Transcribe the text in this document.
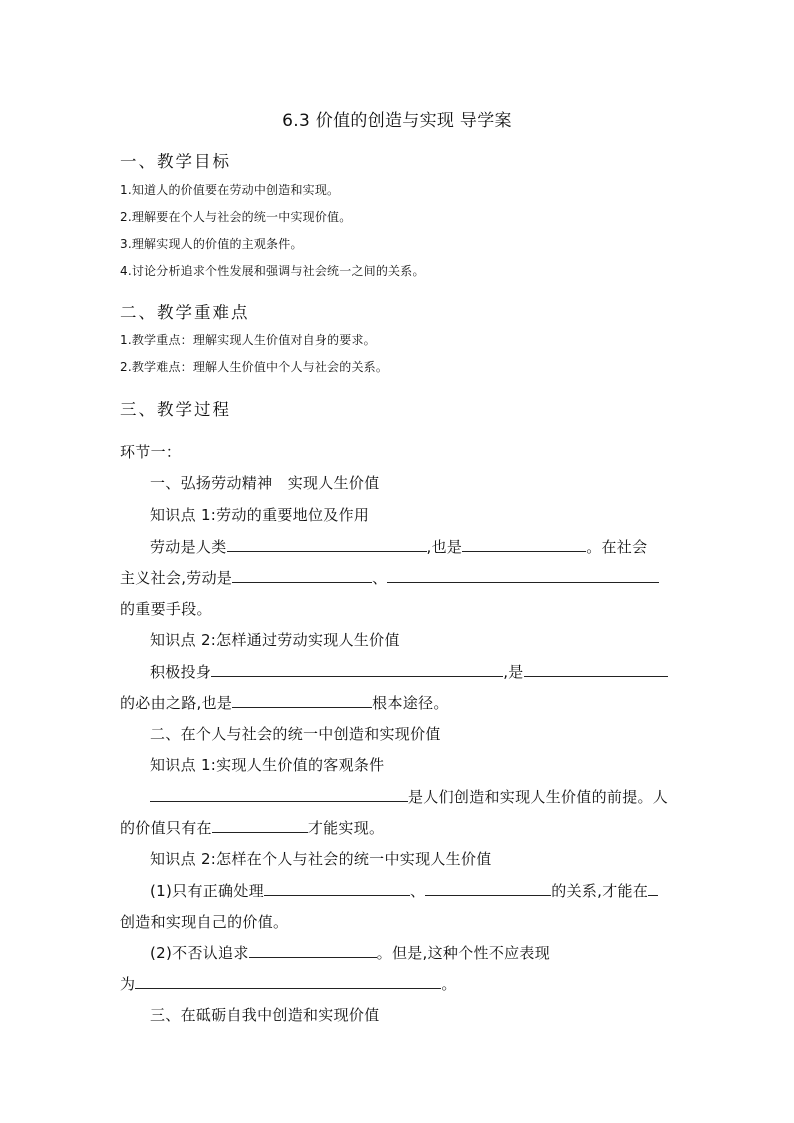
6.3 价值的创造与实现 导学案
一、教学目标
1.知道人的价值要在劳动中创造和实现。
2.理解要在个人与社会的统一中实现价值。
3.理解实现人的价值的主观条件。
4.讨论分析追求个性发展和强调与社会统一之间的关系。
二、教学重难点
1.教学重点：理解实现人生价值对自身的要求。
2.教学难点：理解人生价值中个人与社会的关系。
三、教学过程
环节一：
一、弘扬劳动精神　实现人生价值
知识点 1:劳动的重要地位及作用
劳动是人类	,也是	。在社会
主义社会,劳动是	、
的重要手段。
知识点 2:怎样通过劳动实现人生价值
积极投身	,是
的必由之路,也是	根本途径。
二、在个人与社会的统一中创造和实现价值
知识点 1:实现人生价值的客观条件
是人们创造和实现人生价值的前提。人
的价值只有在	才能实现。
知识点 2:怎样在个人与社会的统一中实现人生价值
(1)只有正确处理	、	的关系,才能在
创造和实现自己的价值。
(2)不否认追求	。但是,这种个性不应表现
为	。
三、在砥砺自我中创造和实现价值
